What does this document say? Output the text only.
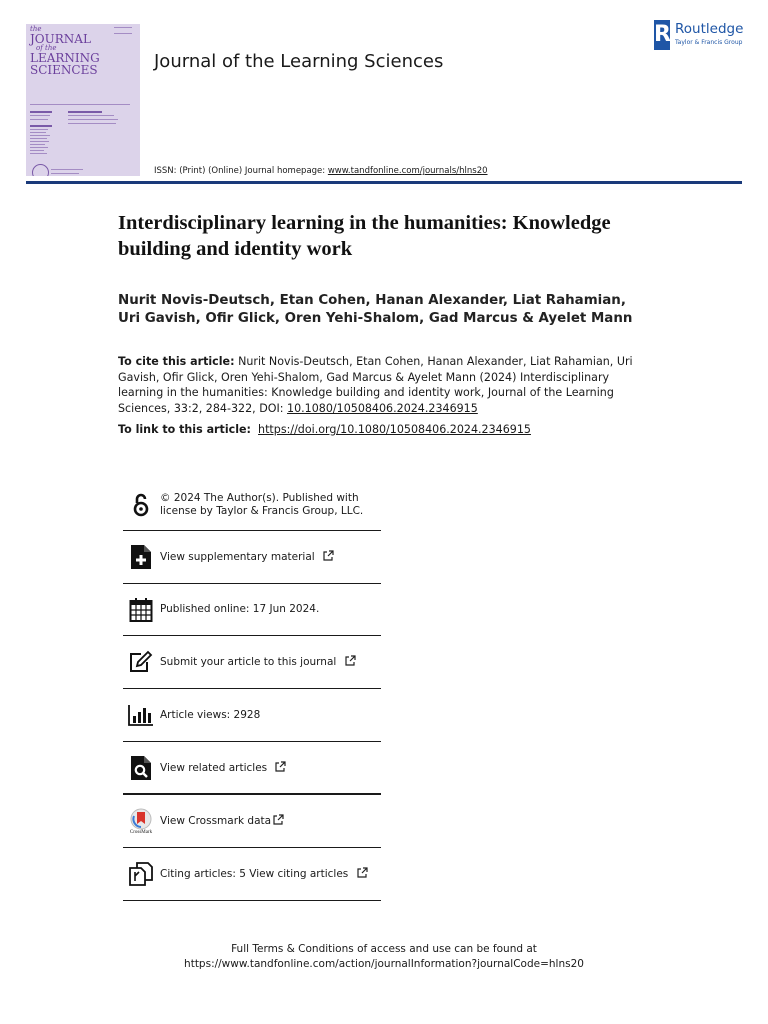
the
JOURNAL
of the
LEARNING
SCIENCES	Journal of the Learning Sciences
R Routledge
Taylor & Francis Group
ISSN: (Print) (Online) Journal homepage: www.tandfonline.com/journals/hlns20
Interdisciplinary learning in the humanities: Knowledge building and identity work
Nurit Novis-Deutsch, Etan Cohen, Hanan Alexander, Liat Rahamian, Uri Gavish, Ofir Glick, Oren Yehi-Shalom, Gad Marcus & Ayelet Mann
To cite this article: Nurit Novis-Deutsch, Etan Cohen, Hanan Alexander, Liat Rahamian, Uri Gavish, Ofir Glick, Oren Yehi-Shalom, Gad Marcus & Ayelet Mann (2024) Interdisciplinary learning in the humanities: Knowledge building and identity work, Journal of the Learning Sciences, 33:2, 284-322, DOI: 10.1080/10508406.2024.2346915
To link to this article: https://doi.org/10.1080/10508406.2024.2346915
© 2024 The Author(s). Published with
license by Taylor & Francis Group, LLC.
View supplementary material
Published online: 17 Jun 2024.
Submit your article to this journal
Article views: 2928
View related articles
CrossMark
View Crossmark data
Citing articles: 5 View citing articles
Full Terms & Conditions of access and use can be found at
https://www.tandfonline.com/action/journalInformation?journalCode=hlns20
